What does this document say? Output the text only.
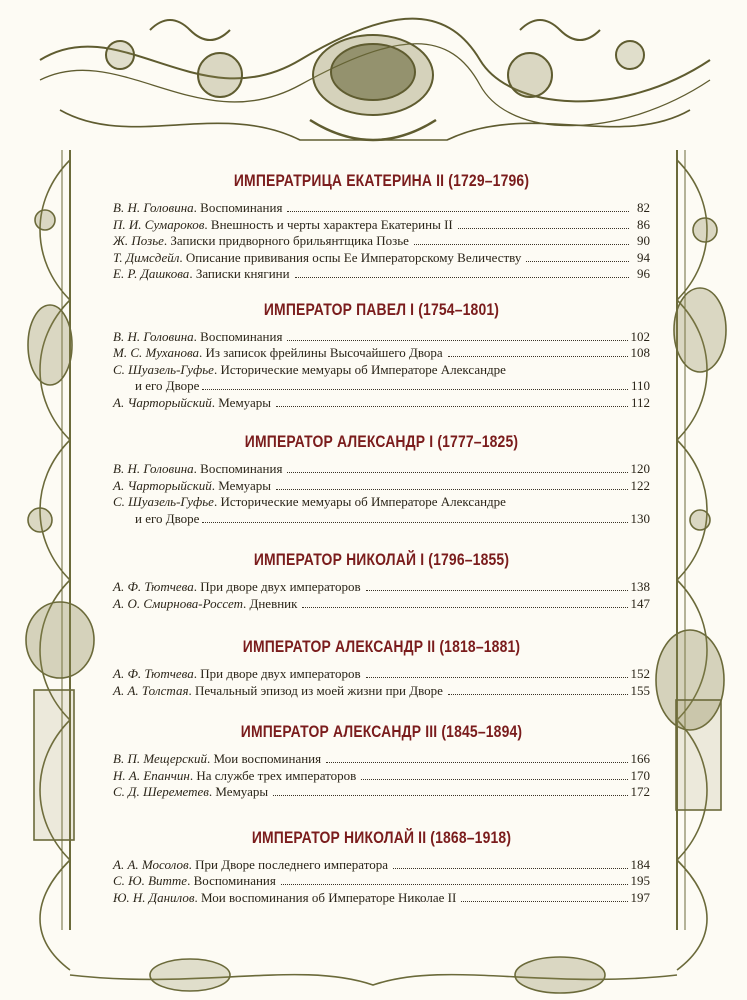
ИМПЕРАТРИЦА ЕКАТЕРИНА II (1729–1796)
В. Н. Головина. Воспоминания	82
П. И. Сумароков. Внешность и черты характера Екатерины II	86
Ж. Позье. Записки придворного брильянтщика Позье	90
Т. Димсдейл. Описание прививания оспы Ее Императорскому Величеству	94
Е. Р. Дашкова. Записки княгини	96
ИМПЕРАТОР ПАВЕЛ I (1754–1801)
В. Н. Головина. Воспоминания	102
М. С. Муханова. Из записок фрейлины Высочайшего Двора	108
С. Шуазель-Гуфье. Исторические мемуары об Императоре Александре
и его Дворе	110
А. Чарторыйский. Мемуары	112
ИМПЕРАТОР АЛЕКСАНДР I (1777–1825)
В. Н. Головина. Воспоминания	120
А. Чарторыйский. Мемуары	122
С. Шуазель-Гуфье. Исторические мемуары об Императоре Александре
и его Дворе	130
ИМПЕРАТОР НИКОЛАЙ I (1796–1855)
А. Ф. Тютчева. При дворе двух императоров	138
А. О. Смирнова-Россет. Дневник	147
ИМПЕРАТОР АЛЕКСАНДР II (1818–1881)
А. Ф. Тютчева. При дворе двух императоров	152
А. А. Толстая. Печальный эпизод из моей жизни при Дворе	155
ИМПЕРАТОР АЛЕКСАНДР III (1845–1894)
В. П. Мещерский. Мои воспоминания	166
Н. А. Епанчин. На службе трех императоров	170
С. Д. Шереметев. Мемуары	172
ИМПЕРАТОР НИКОЛАЙ II (1868–1918)
А. А. Мосолов. При Дворе последнего императора	184
С. Ю. Витте. Воспоминания	195
Ю. Н. Данилов. Мои воспоминания об Императоре Николае II	197
